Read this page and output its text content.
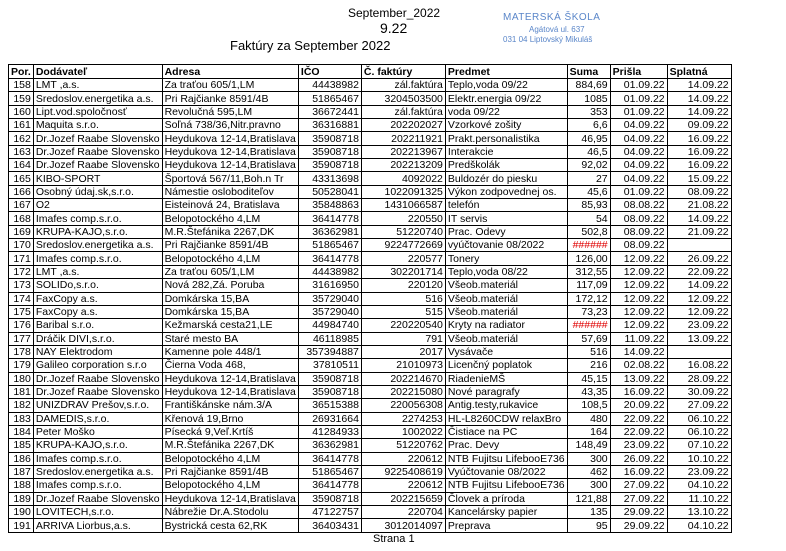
September_2022
9.22
Faktúry za September 2022
MATERSKÁ ŠKOLA
Agátová ul. 637
031 04 Liptovský Mikuláš
Por.	Dodávateľ	Adresa	IČO	Č. faktúry	Predmet	Suma	Prišla	Splatná
158	LMT ,a.s.	Za traťou 605/1,LM	44438982	zál.faktúra	Teplo,voda 09/22	884,69	01.09.22	14.09.22
159	Sredoslov.energetika a.s.	Pri Rajčianke 8591/4B	51865467	3204503500	Elektr.energia 09/22	1085	01.09.22	14.09.22
160	Lipt.vod.spoločnosť	Revolučná 595,LM	36672441	zál.faktúra	voda 09/22	353	01.09.22	14.09.22
161	Maquita s.r.o.	Soľná 738/36,Nitr.pravno	36316881	202202027	Vzorkové zošity	6,6	04.09.22	09.09.22
162	Dr.Jozef Raabe Slovensko	Heydukova 12-14,Bratislava	35908718	202211921	Prakt.personalistika	46,95	04.09.22	16.09.22
163	Dr.Jozef Raabe Slovensko	Heydukova 12-14,Bratislava	35908718	202213967	Interakcie	46,5	04.09.22	16.09.22
164	Dr.Jozef Raabe Slovensko	Heydukova 12-14,Bratislava	35908718	202213209	Predškolák	92,02	04.09.22	16.09.22
165	KIBO-SPORT	Športová 567/11,Boh.n Tr	43313698	4092022	Buldozér do piesku	27	04.09.22	15.09.22
166	Osobný údaj.sk,s.r.o.	Námestie osloboditeľov	50528041	1022091325	Výkon zodpovednej os.	45,6	01.09.22	08.09.22
167	O2	Eisteinová 24, Bratislava	35848863	1431066587	telefón	85,93	08.08.22	21.08.22
168	Imafes comp.s.r.o.	Belopotockého 4,LM	36414778	220550	IT servis	54	08.09.22	14.09.22
169	KRUPA-KAJO,s.r.o.	M.R.Štefánika 2267,DK	36362981	51220740	Prac. Odevy	502,8	08.09.22	21.09.22
170	Sredoslov.energetika a.s.	Pri Rajčianke 8591/4B	51865467	9224772669	vyúčtovanie 08/2022	######	08.09.22	
171	Imafes comp.s.r.o.	Belopotockého 4,LM	36414778	220577	Tonery	126,00	12.09.22	26.09.22
172	LMT ,a.s.	Za traťou 605/1,LM	44438982	302201714	Teplo,voda 08/22	312,55	12.09.22	22.09.22
173	SOLIDo,s.r.o.	Nová 282,Zá. Poruba	31616950	220120	Všeob.materiál	117,09	12.09.22	14.09.22
174	FaxCopy a.s.	Domkárska 15,BA	35729040	516	Všeob.materiál	172,12	12.09.22	12.09.22
175	FaxCopy a.s.	Domkárska 15,BA	35729040	515	Všeob.materiál	73,23	12.09.22	12.09.22
176	Baribal s.r.o.	Kežmarská cesta21,LE	44984740	220220540	Kryty na radiator	######	12.09.22	23.09.22
177	Dráčik DIVI,s.r.o.	Staré mesto BA	46118985	791	Všeob.materiál	57,69	11.09.22	13.09.22
178	NAY Elektrodom	Kamenne pole 448/1	357394887	2017	Vysávače	516	14.09.22	
179	Galileo corporation s.r.o	Čierna Voda 468,	37810511	21010973	Licenčný poplatok	216	02.08.22	16.08.22
180	Dr.Jozef Raabe Slovensko	Heydukova 12-14,Bratislava	35908718	202214670	RiadenieMŠ	45,15	13.09.22	28.09.22
181	Dr.Jozef Raabe Slovensko	Heydukova 12-14,Bratislava	35908718	202215080	Nové paragrafy	43,35	16.09.22	30.09.22
182	UNIZDRAV Prešov,s.r.o.	Františkánske nám.3/A	36515388	220056308	Antig.testy,rukavice	108,5	20.09.22	27.09.22
183	DAMEDIS,s.r.o.	Křenová 19,Brno	26931664	2274253	HL-L8260CDW relaxBro	480	22.09.22	06.10.22
184	Peter Moško	Písecká 9,Veľ.Krtíš	41284933	1002022	Čistiace na PC	164	22.09.22	06.10.22
185	KRUPA-KAJO,s.r.o.	M.R.Štefánika 2267,DK	36362981	51220762	Prac. Devy	148,49	23.09.22	07.10.22
186	Imafes comp.s.r.o.	Belopotockého 4,LM	36414778	220612	NTB Fujitsu LifebooE736	300	26.09.22	10.10.22
187	Sredoslov.energetika a.s.	Pri Rajčianke 8591/4B	51865467	9225408619	Vyúčtovanie 08/2022	462	16.09.22	23.09.22
188	Imafes comp.s.r.o.	Belopotockého 4,LM	36414778	220612	NTB Fujitsu LifebooE736	300	27.09.22	04.10.22
189	Dr.Jozef Raabe Slovensko	Heydukova 12-14,Bratislava	35908718	202215659	Človek a príroda	121,88	27.09.22	11.10.22
190	LOVITECH,s.r.o.	Nábrežie Dr.A.Stodolu	47122757	220704	Kancelársky papier	135	29.09.22	13.10.22
191	ARRIVA Liorbus,a.s.	Bystrická cesta 62,RK	36403431	3012014097	Preprava	95	29.09.22	04.10.22
Strana 1
